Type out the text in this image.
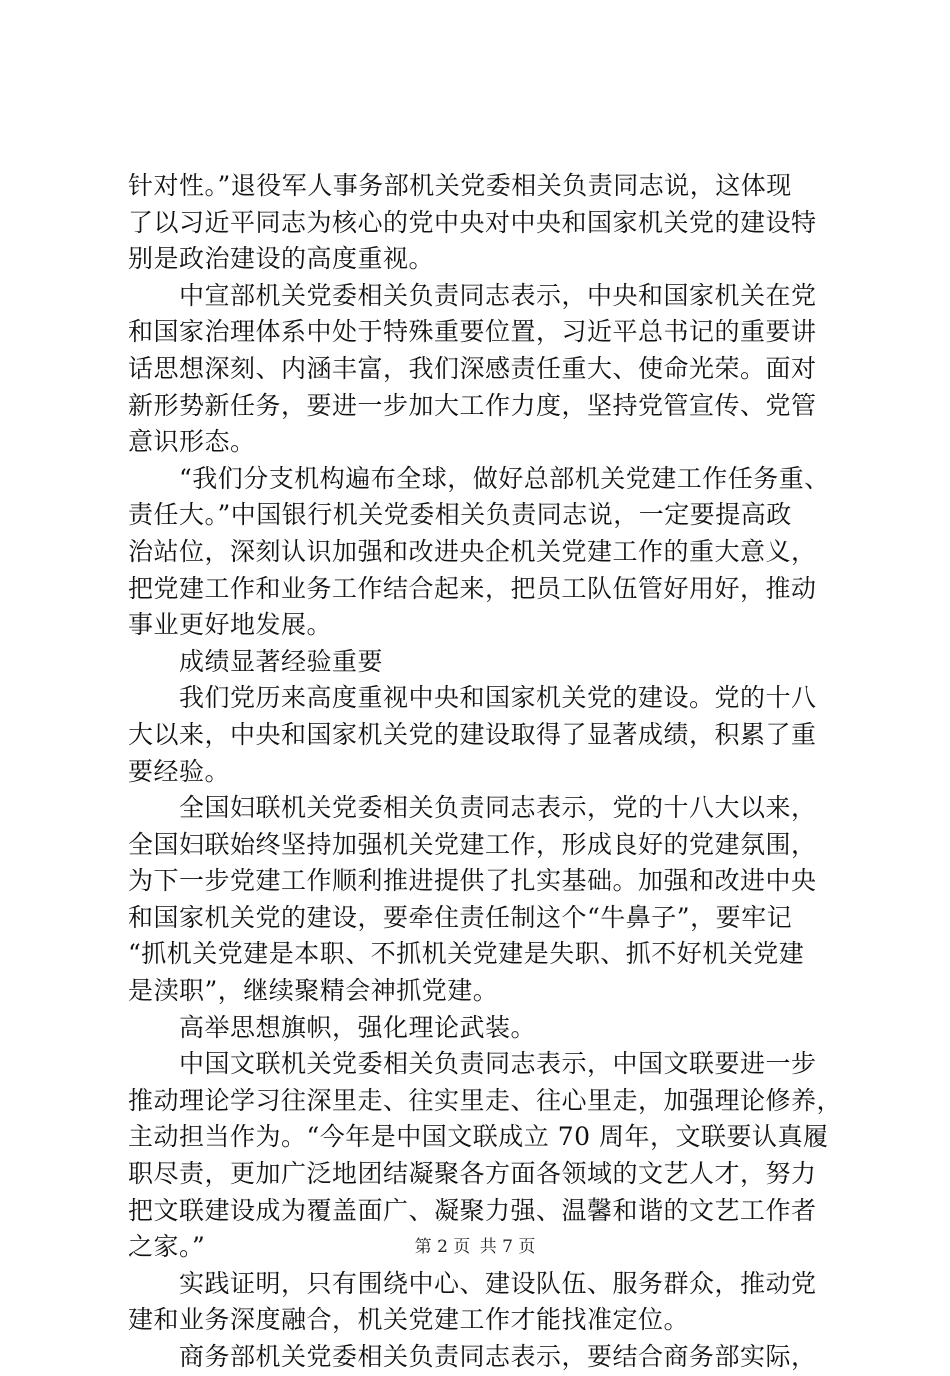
针对性。”退役军人事务部机关党委相关负责同志说，这体现
了以习近平同志为核心的党中央对中央和国家机关党的建设特
别是政治建设的高度重视。
　　中宣部机关党委相关负责同志表示，中央和国家机关在党
和国家治理体系中处于特殊重要位置，习近平总书记的重要讲
话思想深刻、内涵丰富，我们深感责任重大、使命光荣。面对
新形势新任务，要进一步加大工作力度，坚持党管宣传、党管
意识形态。
　　“我们分支机构遍布全球，做好总部机关党建工作任务重、
责任大。”中国银行机关党委相关负责同志说，一定要提高政
治站位，深刻认识加强和改进央企机关党建工作的重大意义，
把党建工作和业务工作结合起来，把员工队伍管好用好，推动
事业更好地发展。
　　成绩显著经验重要
　　我们党历来高度重视中央和国家机关党的建设。党的十八
大以来，中央和国家机关党的建设取得了显著成绩，积累了重
要经验。
　　全国妇联机关党委相关负责同志表示，党的十八大以来，
全国妇联始终坚持加强机关党建工作，形成良好的党建氛围，
为下一步党建工作顺利推进提供了扎实基础。加强和改进中央
和国家机关党的建设，要牵住责任制这个“牛鼻子”，要牢记
“抓机关党建是本职、不抓机关党建是失职、抓不好机关党建
是渎职”，继续聚精会神抓党建。
　　高举思想旗帜，强化理论武装。
　　中国文联机关党委相关负责同志表示，中国文联要进一步
推动理论学习往深里走、往实里走、往心里走，加强理论修养，
主动担当作为。“今年是中国文联成立 70 周年，文联要认真履
职尽责，更加广泛地团结凝聚各方面各领域的文艺人才，努力
把文联建设成为覆盖面广、凝聚力强、温馨和谐的文艺工作者
之家。”
　　实践证明，只有围绕中心、建设队伍、服务群众，推动党
建和业务深度融合，机关党建工作才能找准定位。
　　商务部机关党委相关负责同志表示，要结合商务部实际，
第 2 页 共 7 页
